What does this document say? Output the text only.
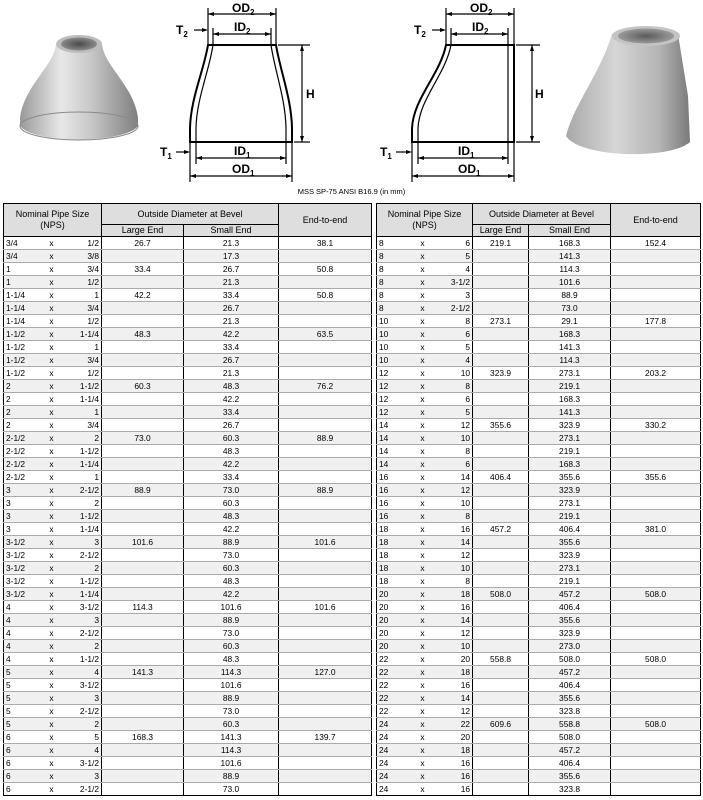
$OD_2$
$ID_2$
$T_2$
H
$ID_1$
$OD_1$
$T_1$
$OD_2$
$ID_2$
$T_2$
H
$ID_1$
$OD_1$
$T_1$
MSS SP-75 ANSI B16.9 (in mm)
Nominal Pipe Size (NPS)			Outside Diameter at Bevel		End-to-end
			Large End	Small End	
3/4	x	1/2	26.7	21.3	38.1
3/4	x	3/8		17.3	
1	x	3/4	33.4	26.7	50.8
1	x	1/2		21.3	
1-1/4	x	1	42.2	33.4	50.8
1-1/4	x	3/4		26.7	
1-1/4	x	1/2		21.3	
1-1/2	x	1-1/4	48.3	42.2	63.5
1-1/2	x	1		33.4	
1-1/2	x	3/4		26.7	
1-1/2	x	1/2		21.3	
2	x	1-1/2	60.3	48.3	76.2
2	x	1-1/4		42.2	
2	x	1		33.4	
2	x	3/4		26.7	
2-1/2	x	2	73.0	60.3	88.9
2-1/2	x	1-1/2		48.3	
2-1/2	x	1-1/4		42.2	
2-1/2	x	1		33.4	
3	x	2-1/2	88.9	73.0	88.9
3	x	2		60.3	
3	x	1-1/2		48.3	
3	x	1-1/4		42.2	
3-1/2	x	3	101.6	88.9	101.6
3-1/2	x	2-1/2		73.0	
3-1/2	x	2		60.3	
3-1/2	x	1-1/2		48.3	
3-1/2	x	1-1/4		42.2	
4	x	3-1/2	114.3	101.6	101.6
4	x	3		88.9	
4	x	2-1/2		73.0	
4	x	2		60.3	
4	x	1-1/2		48.3	
5	x	4	141.3	114.3	127.0
5	x	3-1/2		101.6	
5	x	3		88.9	
5	x	2-1/2		73.0	
5	x	2		60.3	
6	x	5	168.3	141.3	139.7
6	x	4		114.3	
6	x	3-1/2		101.6	
6	x	3		88.9	
6	x	2-1/2		73.0	
Nominal Pipe Size (NPS)			Outside Diameter at Bevel		End-to-end
			Large End	Small End	
8	x	6	219.1	168.3	152.4
8	x	5		141.3	
8	x	4		114.3	
8	x	3-1/2		101.6	
8	x	3		88.9	
8	x	2-1/2		73.0	
10	x	8	273.1	29.1	177.8
10	x	6		168.3	
10	x	5		141.3	
10	x	4		114.3	
12	x	10	323.9	273.1	203.2
12	x	8		219.1	
12	x	6		168.3	
12	x	5		141.3	
14	x	12	355.6	323.9	330.2
14	x	10		273.1	
14	x	8		219.1	
14	x	6		168.3	
16	x	14	406.4	355.6	355.6
16	x	12		323.9	
16	x	10		273.1	
16	x	8		219.1	
18	x	16	457.2	406.4	381.0
18	x	14		355.6	
18	x	12		323.9	
18	x	10		273.1	
18	x	8		219.1	
20	x	18	508.0	457.2	508.0
20	x	16		406.4	
20	x	14		355.6	
20	x	12		323.9	
20	x	10		273.0	
22	x	20	558.8	508.0	508.0
22	x	18		457.2	
22	x	16		406.4	
22	x	14		355.6	
22	x	12		323.8	
24	x	22	609.6	558.8	508.0
24	x	20		508.0	
24	x	18		457.2	
24	x	16		406.4	
24	x	16		355.6	
24	x	16		323.8	
